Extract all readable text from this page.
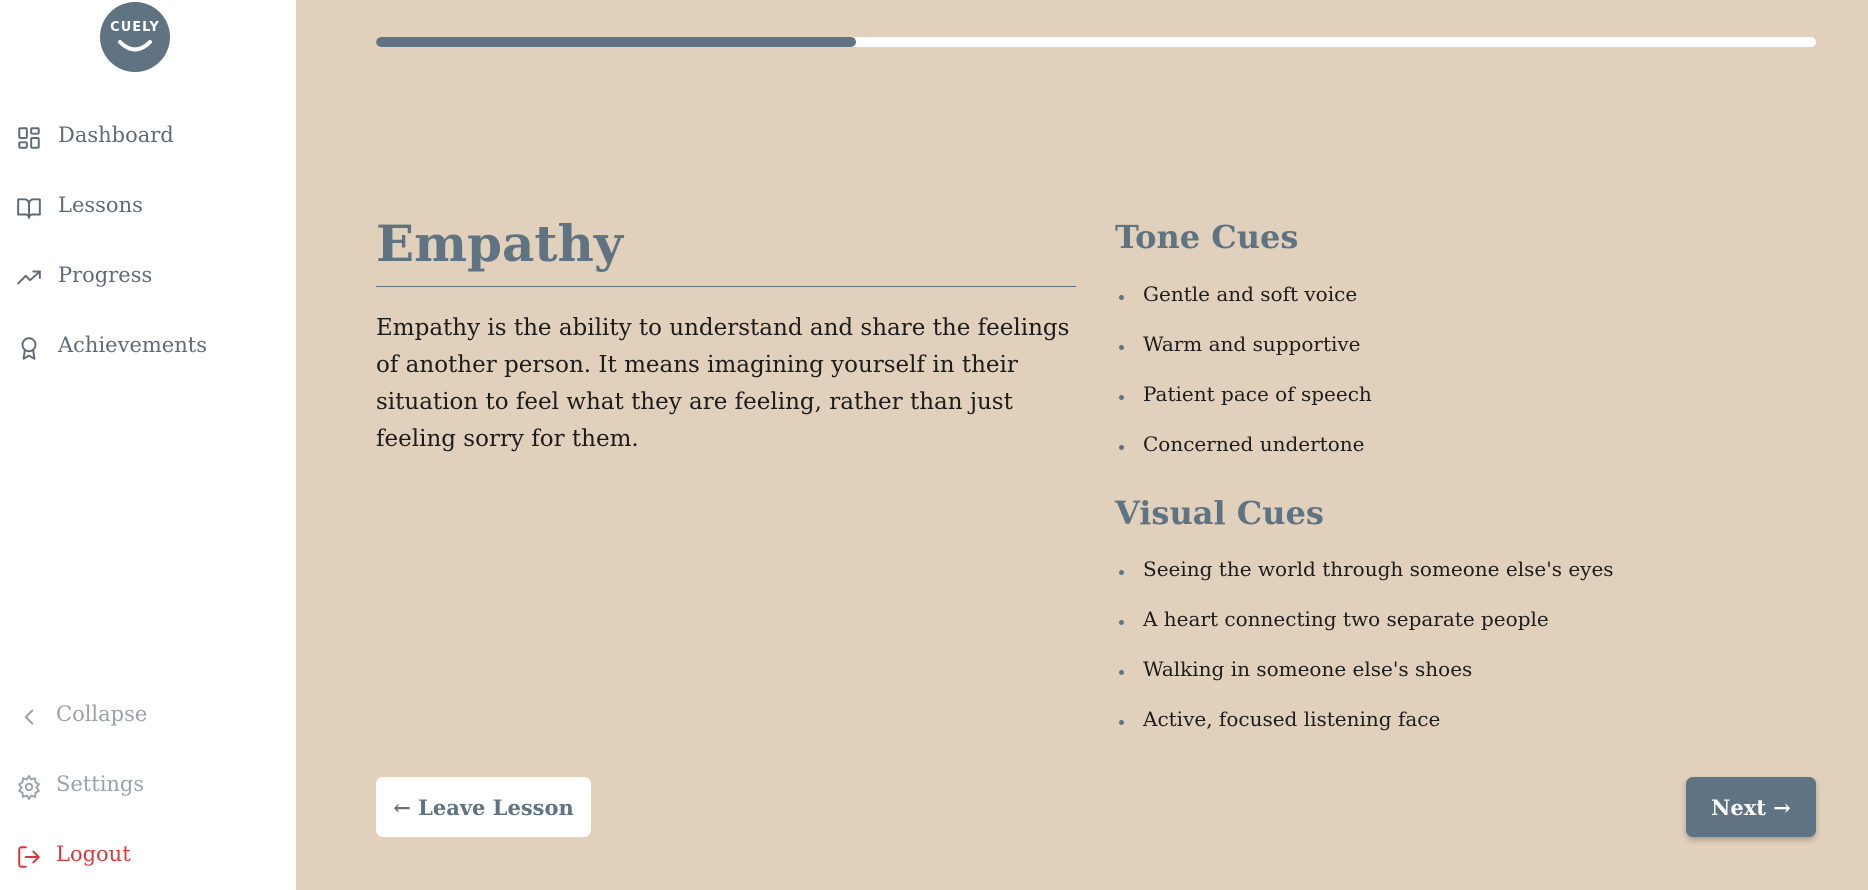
CUELY
Dashboard
Lessons
Progress
Achievements
Collapse
Settings
Logout
Empathy

Empathy is the ability to understand and share the feelings of another person. It means imagining yourself in their situation to feel what they are feeling, rather than just feeling sorry for them.

Tone Cues
Gentle and soft voice
Warm and supportive
Patient pace of speech
Concerned undertone
Visual Cues
Seeing the world through someone else's eyes
A heart connecting two separate people
Walking in someone else's shoes
Active, focused listening face
← Leave Lesson	Next →
